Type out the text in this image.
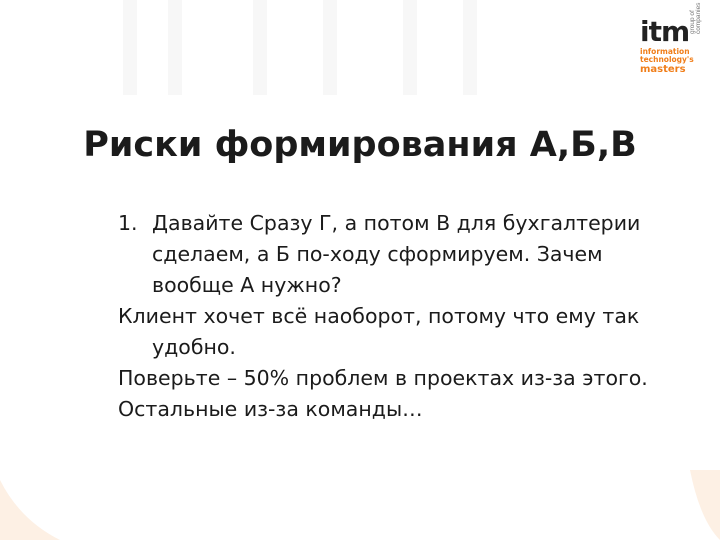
group of companies
itm
information
technology's
masters
Риски формирования А,Б,В

1. Давайте Сразу Г, а потом В для бухгалтерии сделаем, а Б по-ходу сформируем. Зачем вообще А нужно?

Клиент хочет всё наоборот, потому что ему так удобно.

Поверьте – 50% проблем в проектах из-за этого.

Остальные из-за команды…
